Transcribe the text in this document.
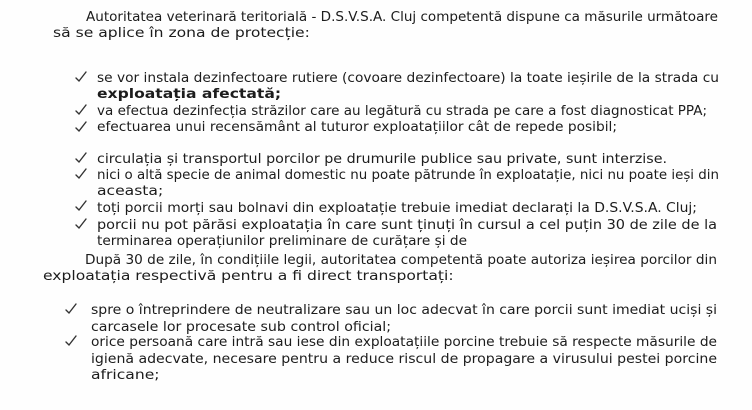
Autoritatea veterinară teritorială - D.S.V.S.A. Cluj competentă dispune ca măsurile următoare
să se aplice în zona de protecție:
se vor instala dezinfectoare rutiere (covoare dezinfectoare) la toate ieșirile de la strada cu
exploatația afectată;
va efectua dezinfecția străzilor care au legătură cu strada pe care a fost diagnosticat PPA;
efectuarea unui recensământ al tuturor exploatațiilor cât de repede posibil;
circulația și transportul porcilor pe drumurile publice sau private, sunt interzise.
nici o altă specie de animal domestic nu poate pătrunde în exploatație, nici nu poate ieși din
aceasta;
toți porcii morți sau bolnavi din exploatație trebuie imediat declarați la D.S.V.S.A. Cluj;
porcii nu pot părăsi exploatația în care sunt ținuți în cursul a cel puțin 30 de zile de la
terminarea operațiunilor preliminare de curățare și de
După 30 de zile, în condițiile legii, autoritatea competentă poate autoriza ieșirea porcilor din
exploatația respectivă pentru a fi direct transportați:
spre o întreprindere de neutralizare sau un loc adecvat în care porcii sunt imediat uciși și
carcasele lor procesate sub control oficial;
orice persoană care intră sau iese din exploatațiile porcine trebuie să respecte măsurile de
igienă adecvate, necesare pentru a reduce riscul de propagare a virusului pestei porcine
africane;
